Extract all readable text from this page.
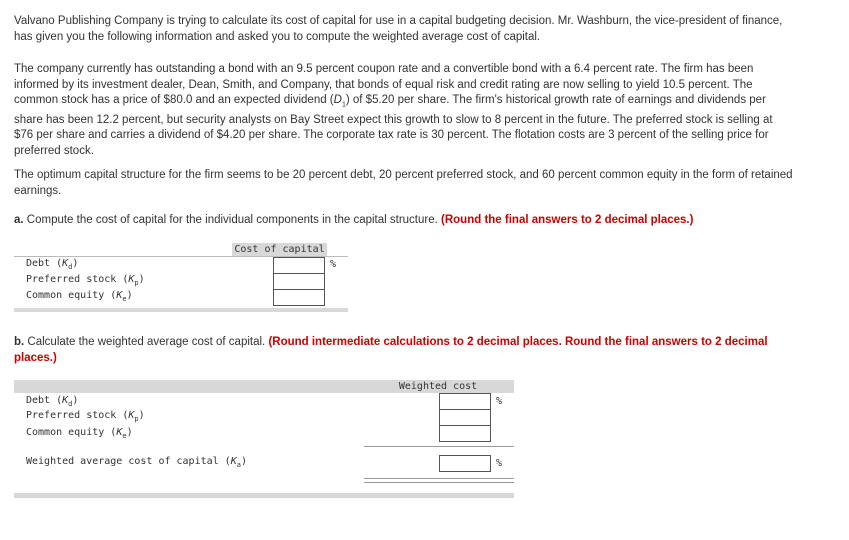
Valvano Publishing Company is trying to calculate its cost of capital for use in a capital budgeting decision. Mr. Washburn, the vice-president of finance, has given you the following information and asked you to compute the weighted average cost of capital.

The company currently has outstanding a bond with an 9.5 percent coupon rate and a convertible bond with a 6.4 percent rate. The firm has been informed by its investment dealer, Dean, Smith, and Company, that bonds of equal risk and credit rating are now selling to yield 10.5 percent. The common stock has a price of $80.0 and an expected dividend $(D_1)$ of $5.20 per share. The firm's historical growth rate of earnings and dividends per share has been 12.2 percent, but security analysts on Bay Street expect this growth to slow to 8 percent in the future. The preferred stock is selling at $76 per share and carries a dividend of $4.20 per share. The corporate tax rate is 30 percent. The flotation costs are 3 percent of the selling price for preferred stock.

The optimum capital structure for the firm seems to be 20 percent debt, 20 percent preferred stock, and 60 percent common equity in the form of retained earnings.

a. Compute the cost of capital for the individual components in the capital structure. (Round the final answers to 2 decimal places.)

Cost of capital
Debt $(K_d)$	%
Preferred stock $(K_p)$
Common equity $(K_e)$

b. Calculate the weighted average cost of capital. (Round intermediate calculations to 2 decimal places. Round the final answers to 2 decimal places.)

Weighted cost
Debt $(K_d)$	%
Preferred stock $(K_p)$
Common equity $(K_e)$
Weighted average cost of capital $(K_a)$	%
